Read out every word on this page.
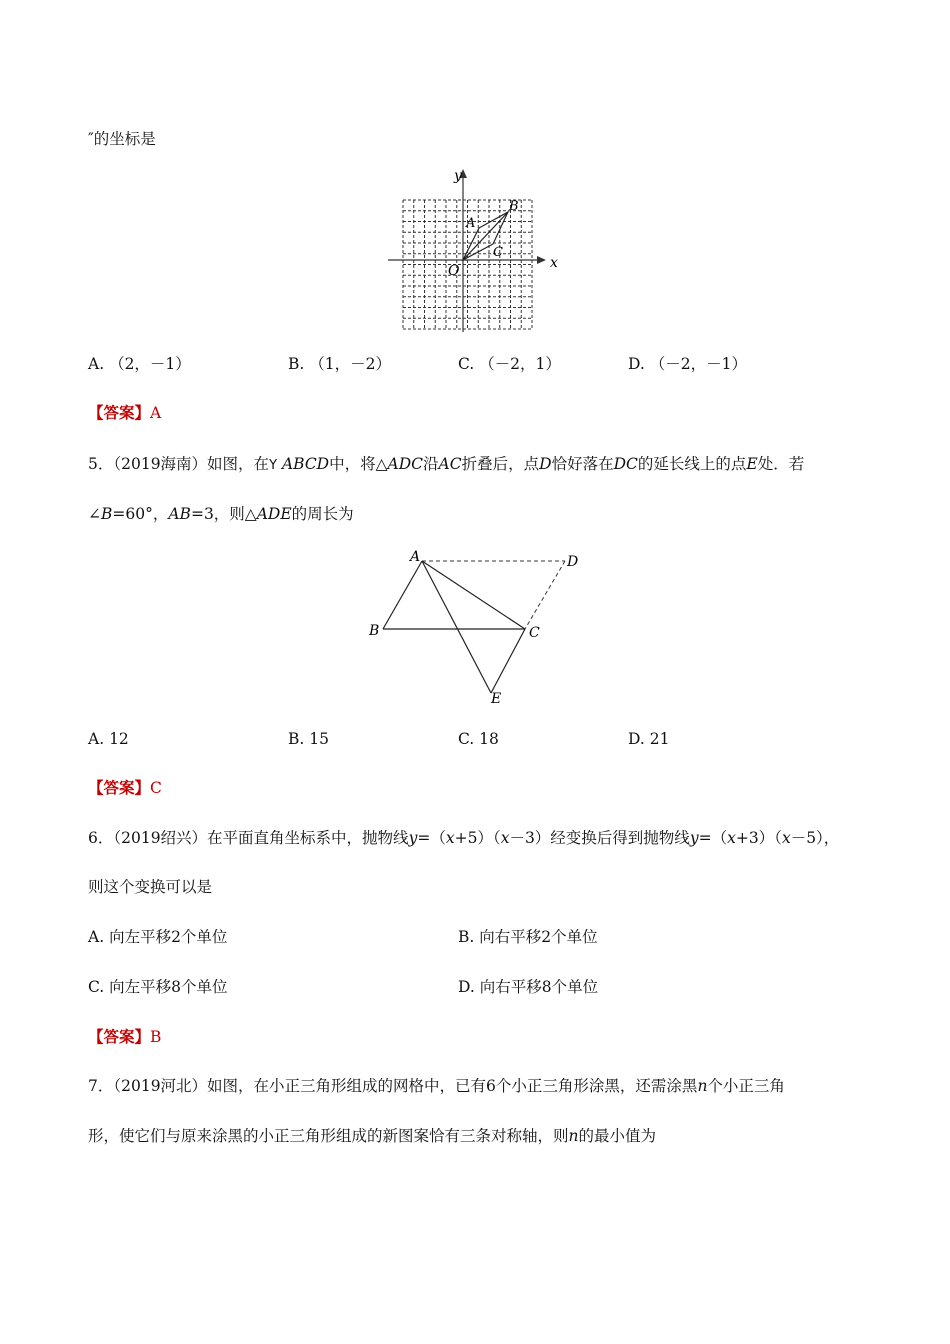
″的坐标是
y
x
O
A
B
C
A. （2，－1）	B. （1，－2）	C. （－2，1）	D. （－2，－1）
【答案】A
5．（2019海南）如图，在Y ABCD中，将△ADC沿AC折叠后，点D恰好落在DC的延长线上的点E处．若
∠B=60°，AB=3，则△ADE的周长为
A	D
B	C
E
A. 12	B. 15	C. 18	D. 21
【答案】C
6．（2019绍兴）在平面直角坐标系中，抛物线y=（x+5）（x－3）经变换后得到抛物线y=（x+3）（x－5），
则这个变换可以是
A. 向左平移2个单位	B. 向右平移2个单位
C. 向左平移8个单位	D. 向右平移8个单位
【答案】B
7．（2019河北）如图，在小正三角形组成的网格中，已有6个小正三角形涂黑，还需涂黑n个小正三角
形，使它们与原来涂黑的小正三角形组成的新图案恰有三条对称轴，则n的最小值为
